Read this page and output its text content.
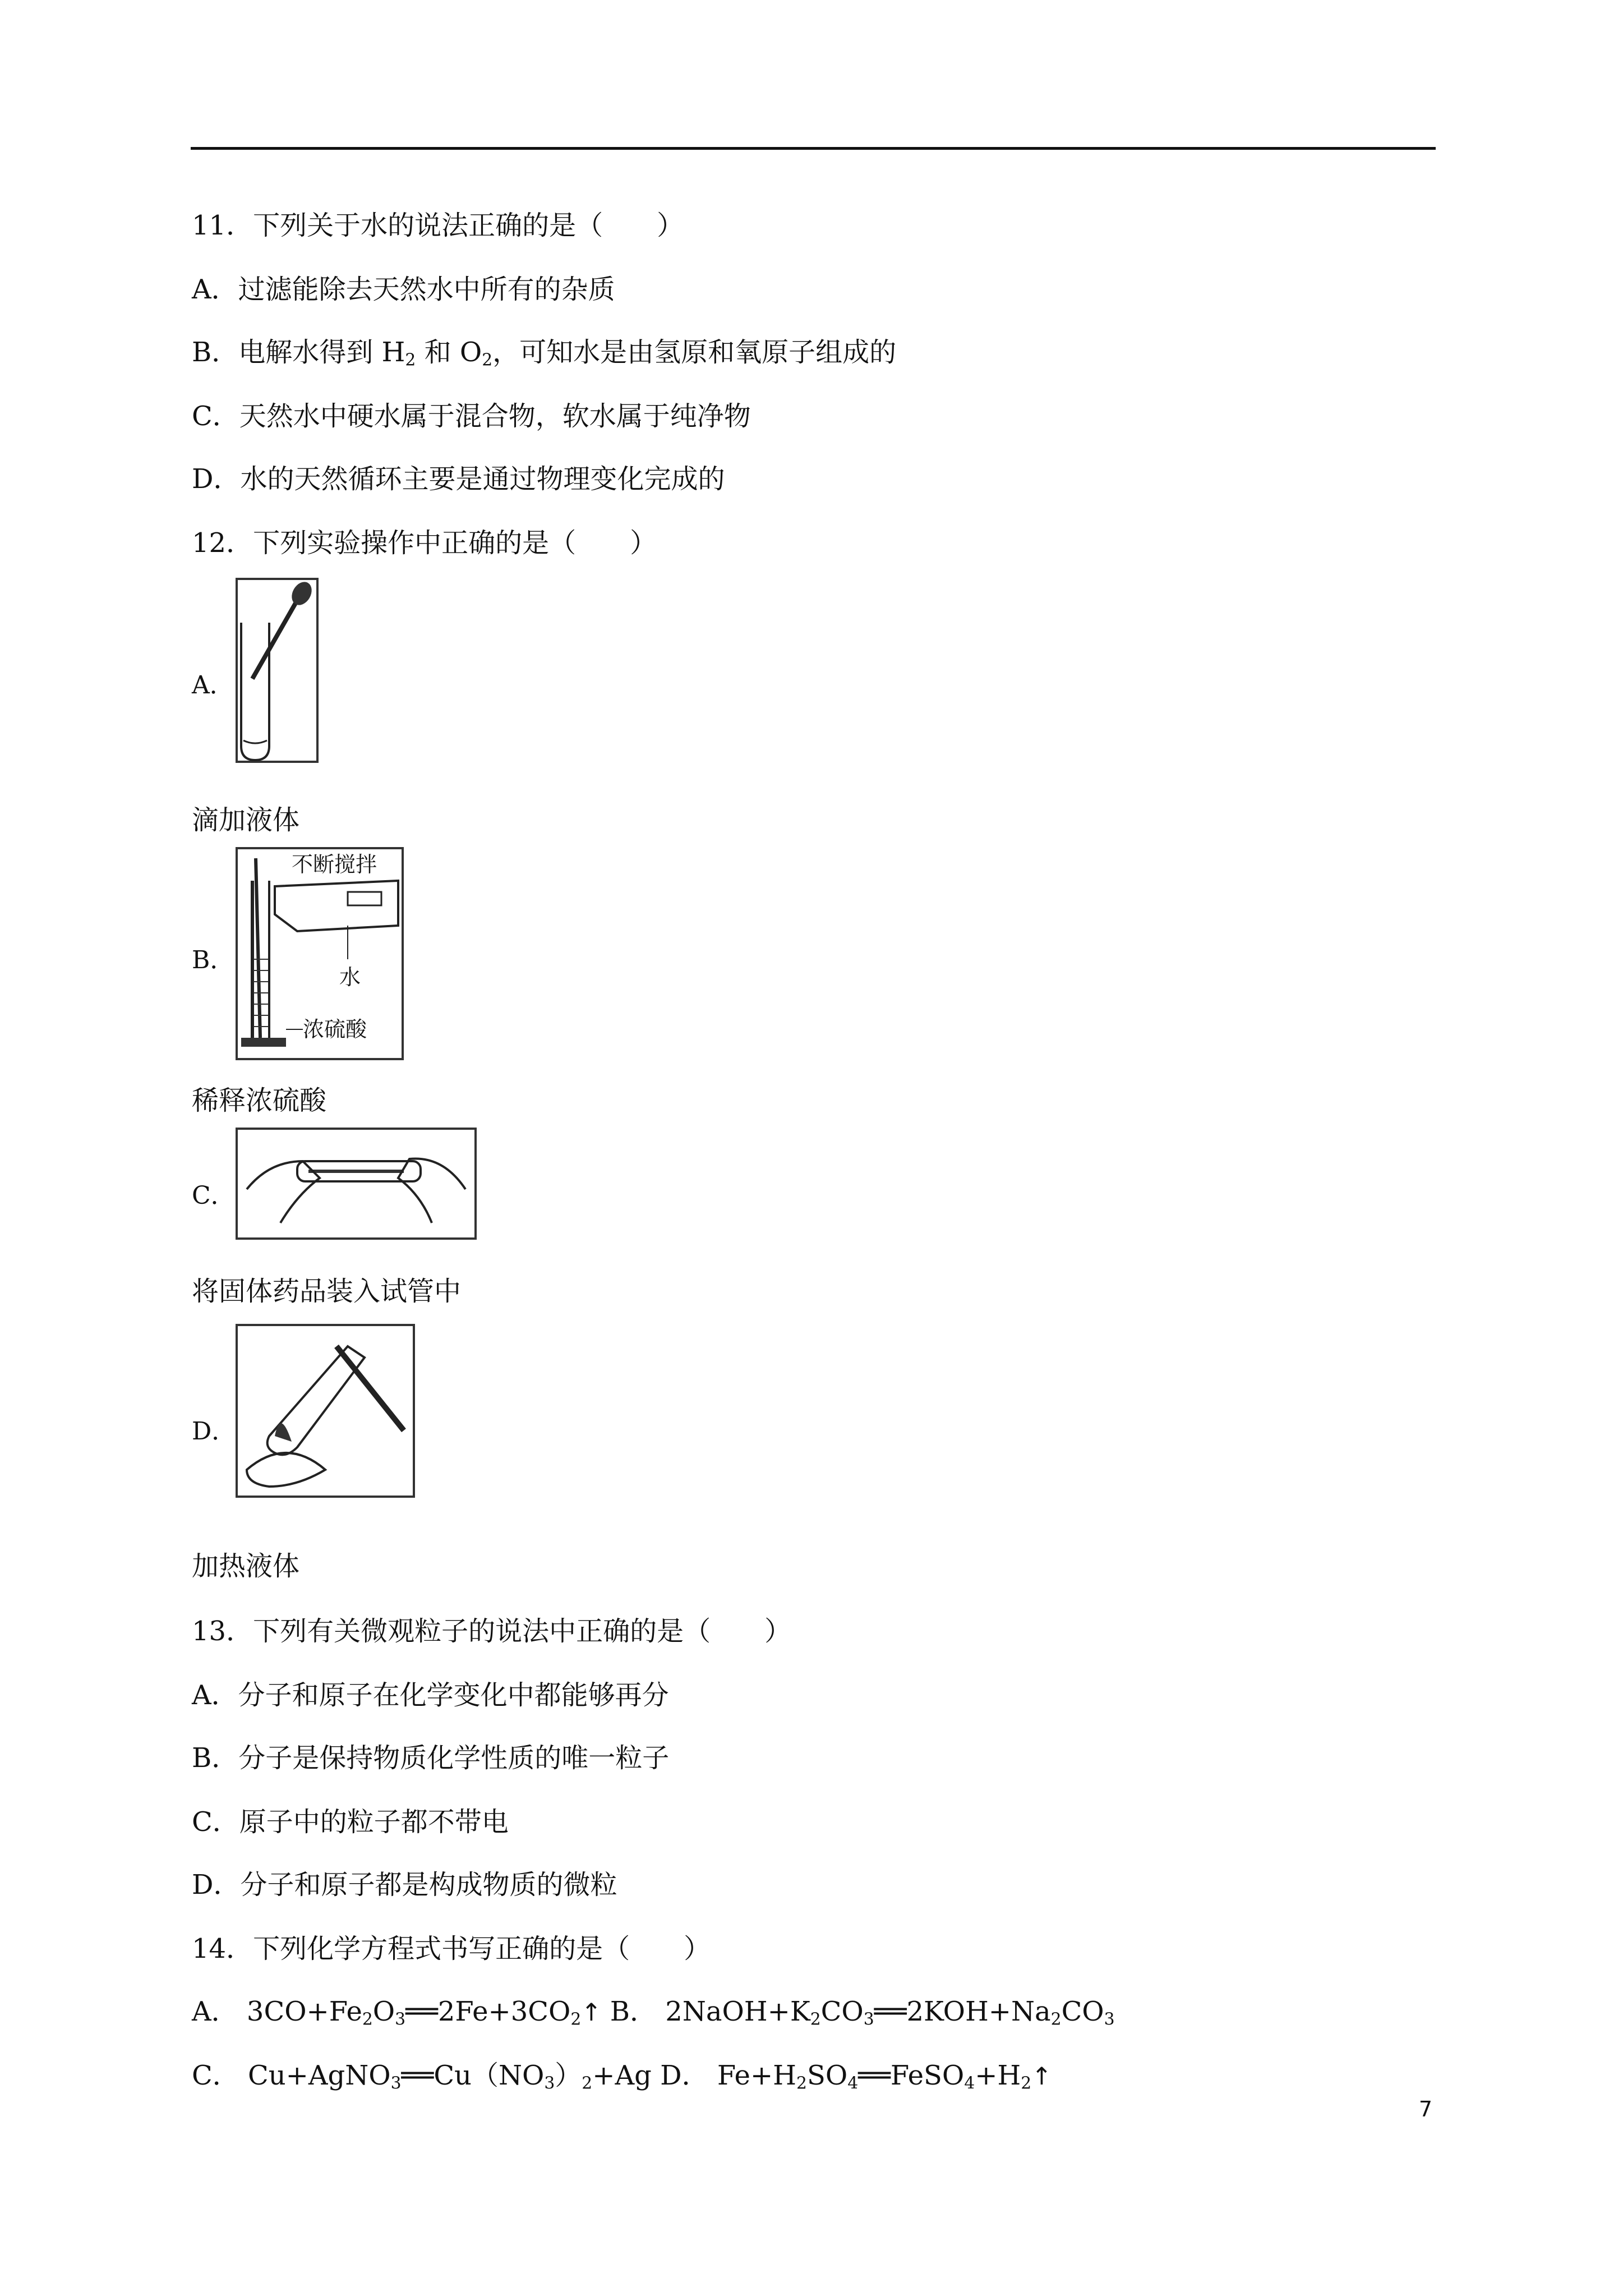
11．下列关于水的说法正确的是（　　）
A．过滤能除去天然水中所有的杂质
B．电解水得到 $H_2$ 和 $O_2$，可知水是由氢原和氧原子组成的
C．天然水中硬水属于混合物，软水属于纯净物
D．水的天然循环主要是通过物理变化完成的
12．下列实验操作中正确的是（　　）
A．
滴加液体
B．
不断搅拌
水
浓硫酸
稀释浓硫酸
C．
将固体药品装入试管中
D．
加热液体
13．下列有关微观粒子的说法中正确的是（　　）
A．分子和原子在化学变化中都能够再分
B．分子是保持物质化学性质的唯一粒子
C．原子中的粒子都不带电
D．分子和原子都是构成物质的微粒
14．下列化学方程式书写正确的是（　　）
A． $3CO+Fe_2O_3══2Fe+3CO_2↑$ B． $2NaOH+K_2CO_3══2KOH+Na_2CO_3$
C． $Cu+AgNO_3══Cu(NO_3)_2+Ag$ D． $Fe+H_2SO_4══FeSO_4+H_2↑$
7
